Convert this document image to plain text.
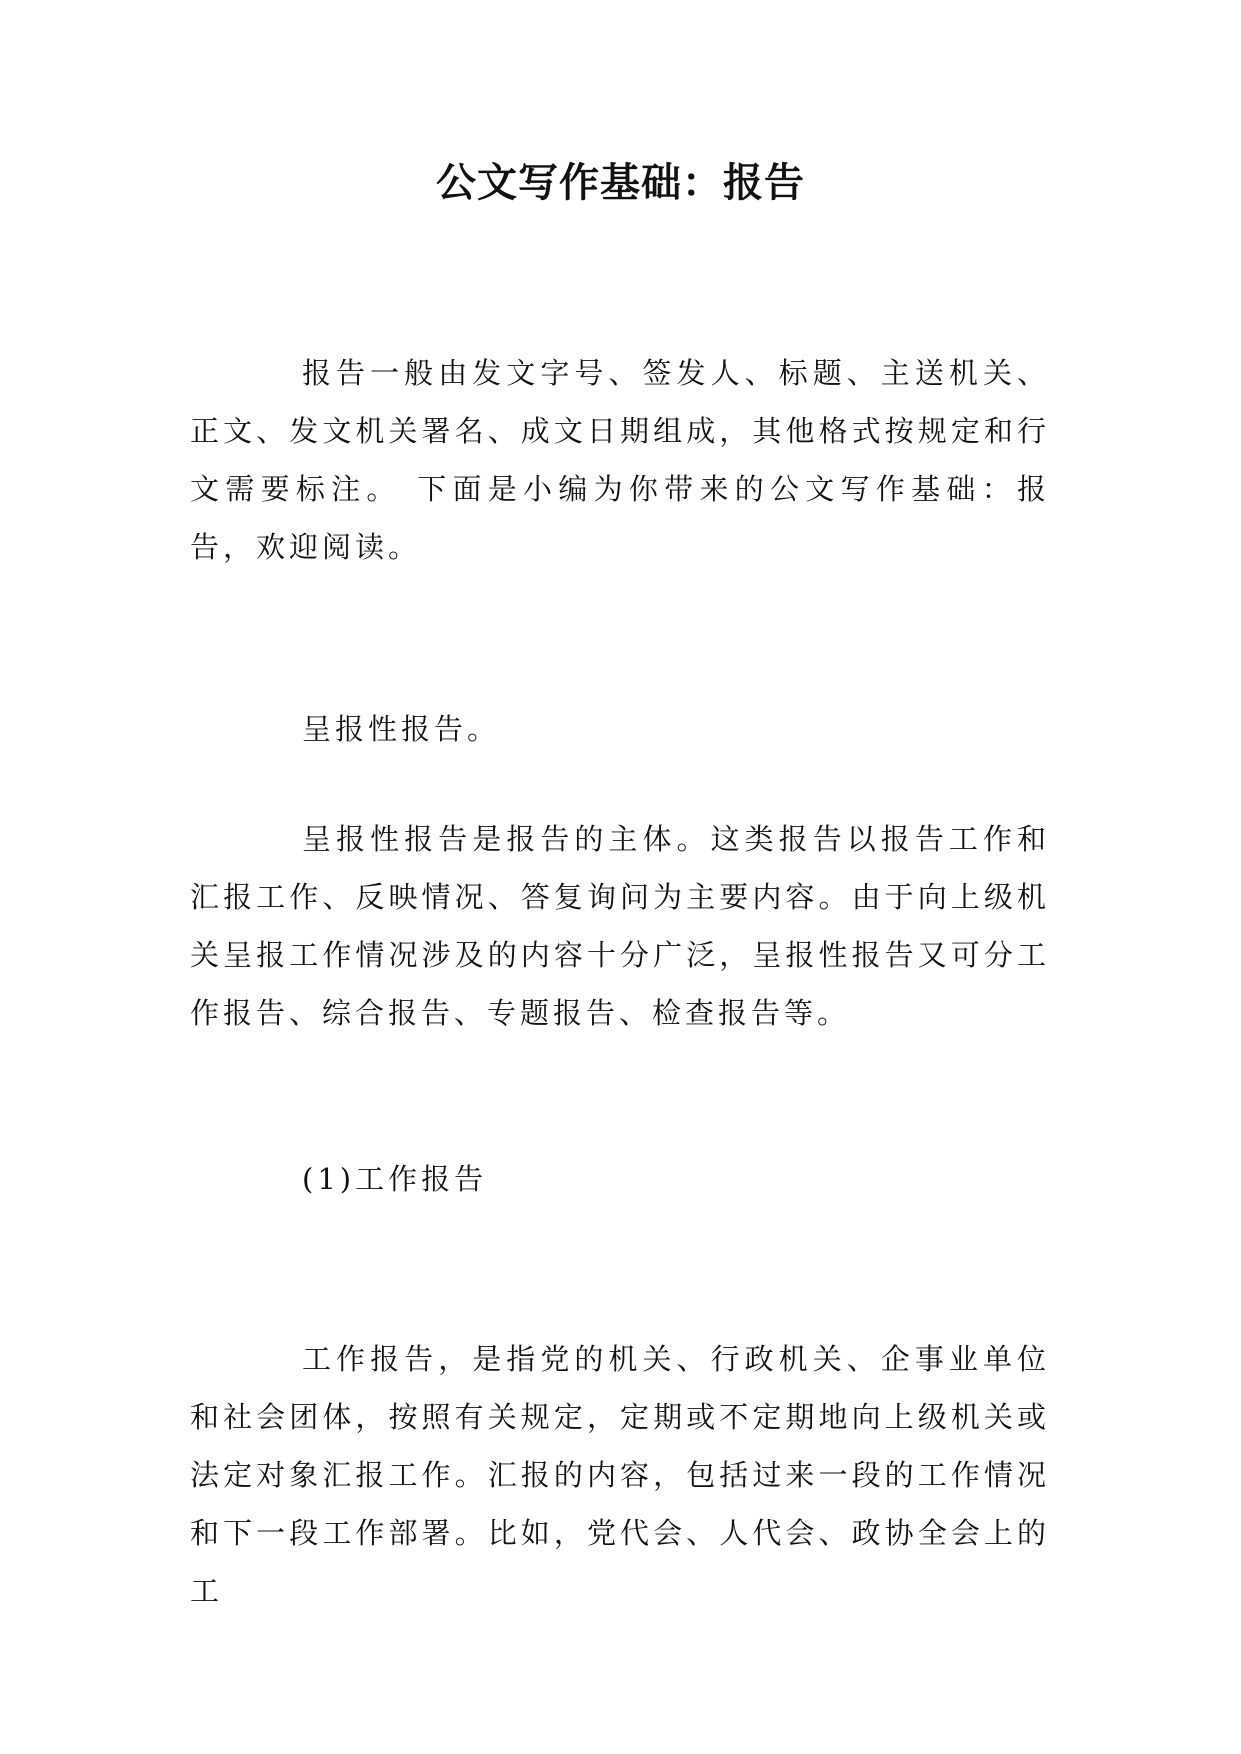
公文写作基础：报告

报告一般由发文字号、签发人、标题、主送机关、正文、发文机关署名、成文日期组成，其他格式按规定和行文需要标注。 下面是小编为你带来的公文写作基础：报告，欢迎阅读。

呈报性报告。

呈报性报告是报告的主体。这类报告以报告工作和汇报工作、反映情况、答复询问为主要内容。由于向上级机关呈报工作情况涉及的内容十分广泛，呈报性报告又可分工作报告、综合报告、专题报告、检查报告等。

(1)工作报告

工作报告，是指党的机关、行政机关、企事业单位和社会团体，按照有关规定，定期或不定期地向上级机关或法定对象汇报工作。汇报的内容，包括过来一段的工作情况和下一段工作部署。比如，党代会、人代会、政协全会上的工
